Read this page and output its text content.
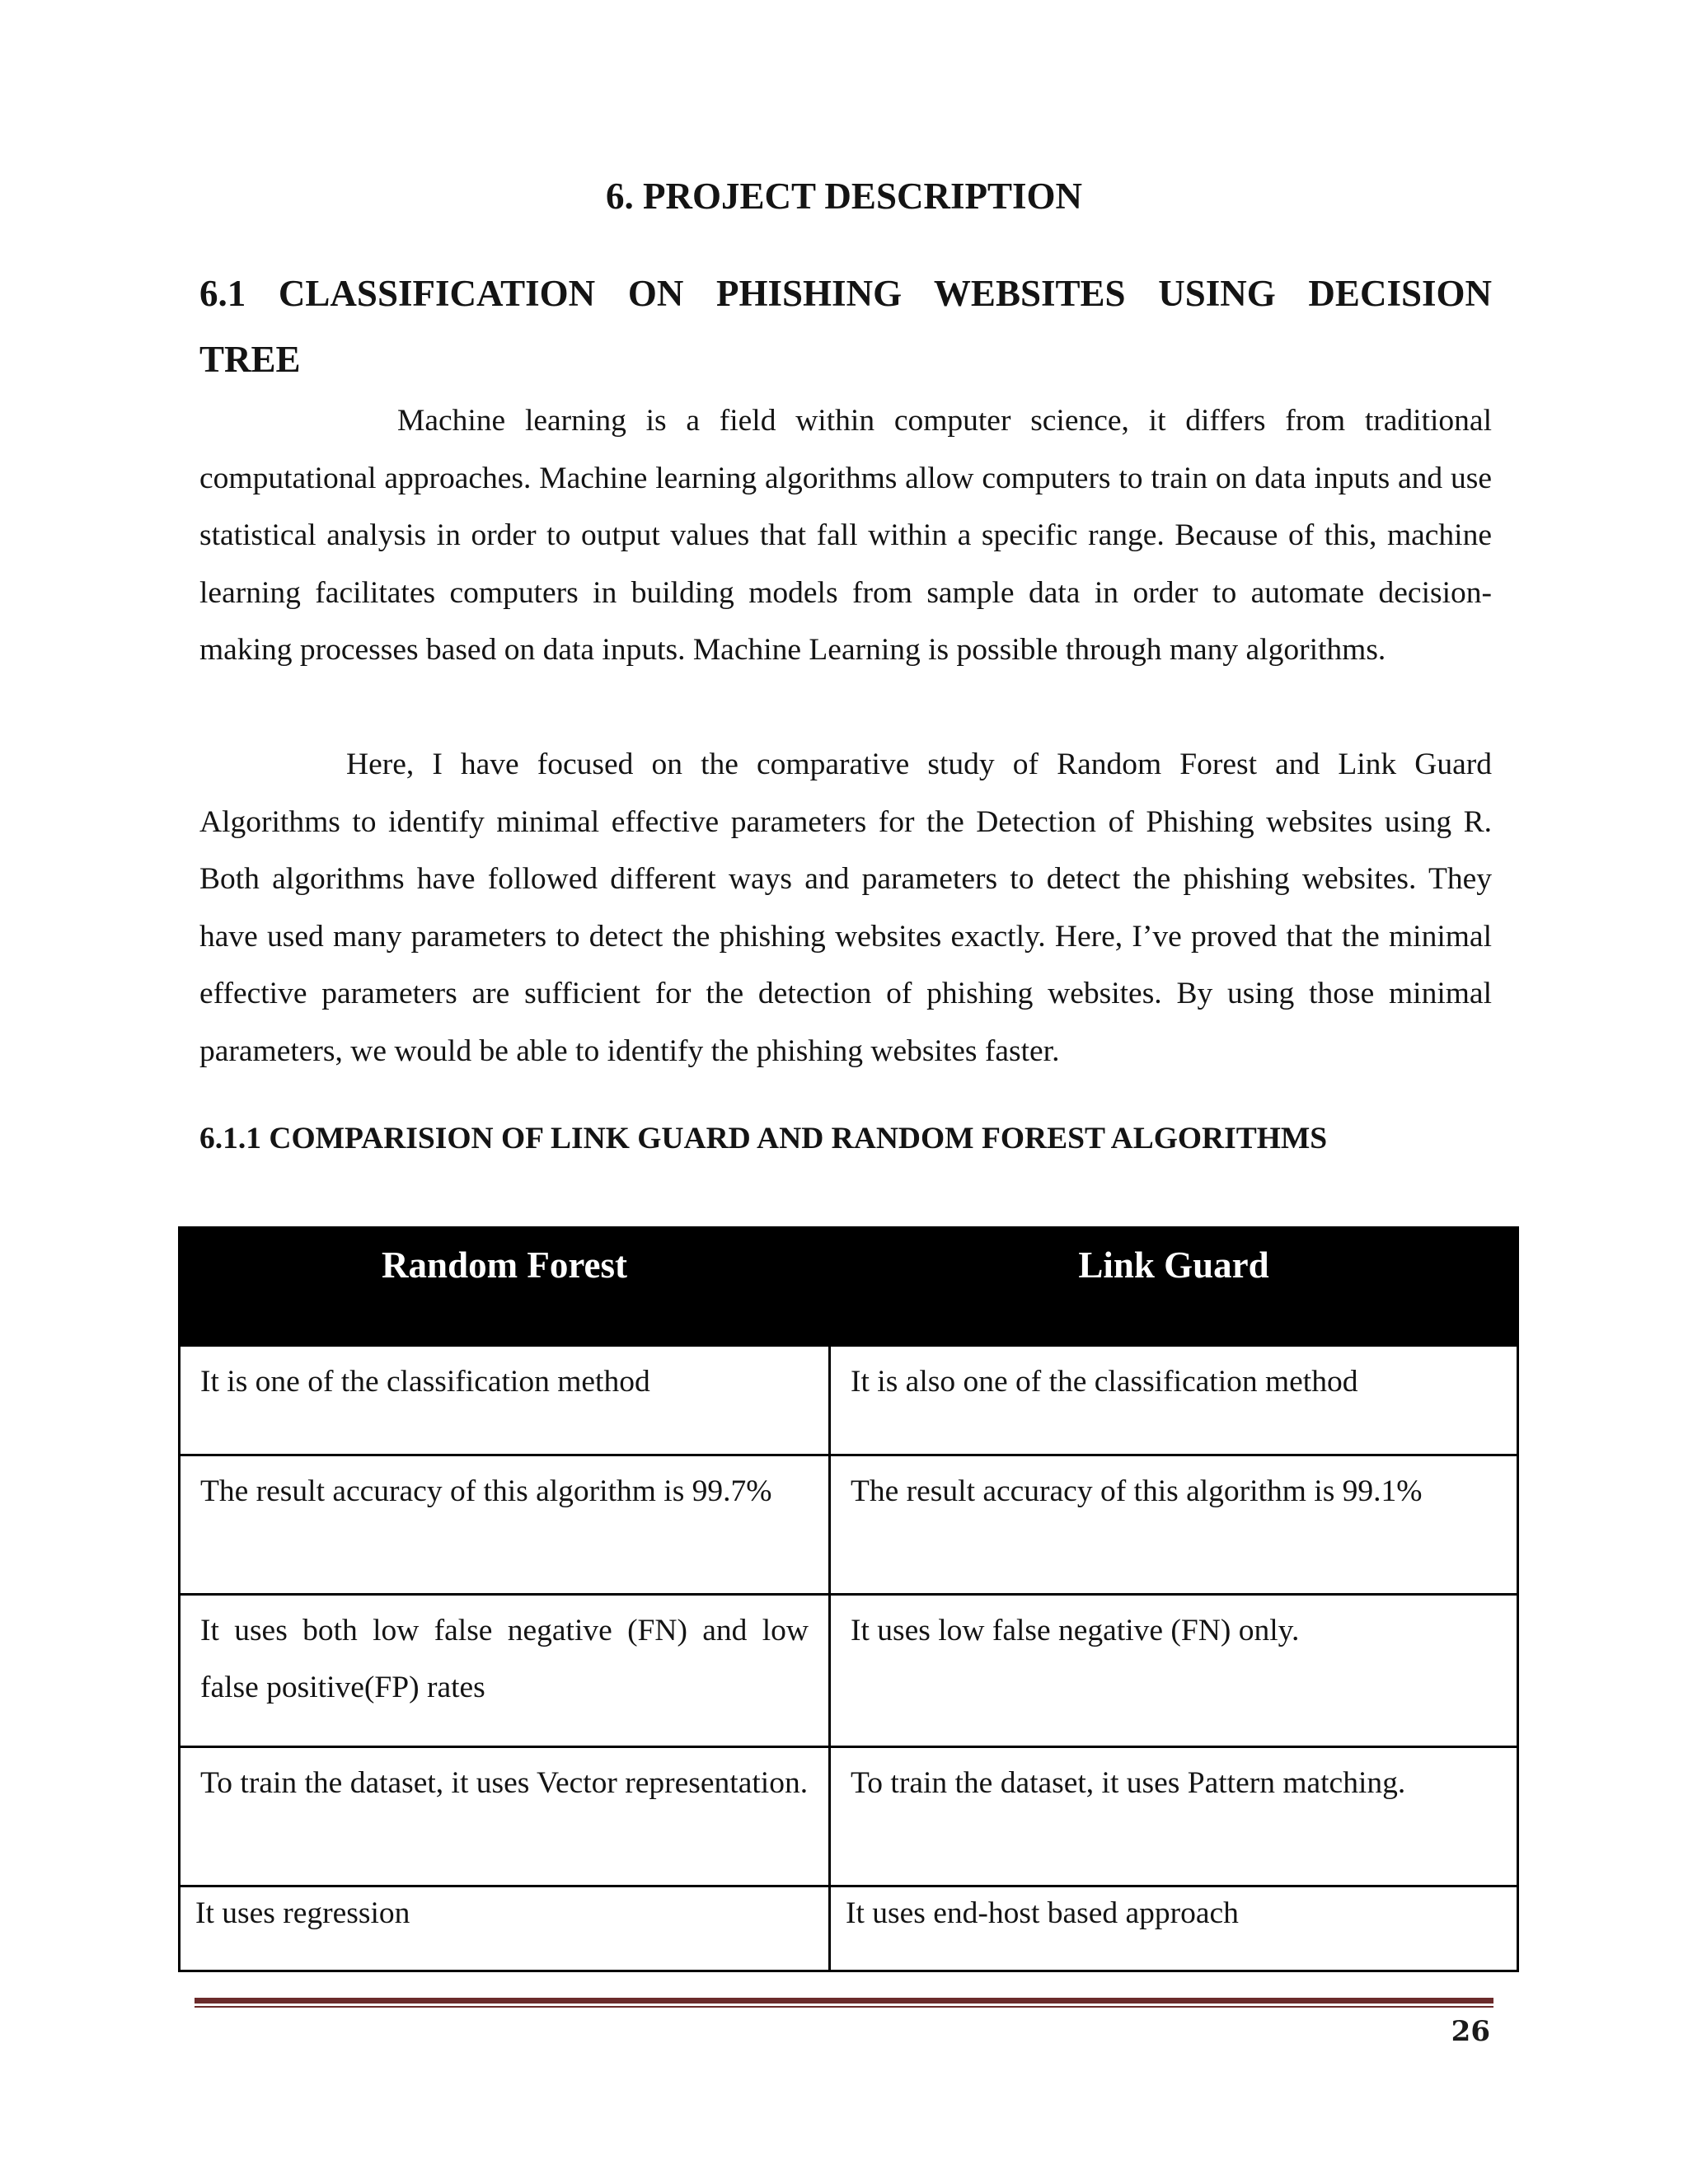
6. PROJECT DESCRIPTION
6.1 CLASSIFICATION ON PHISHING WEBSITES USING DECISION TREE

Machine learning is a field within computer science, it differs from traditional computational approaches. Machine learning algorithms allow computers to train on data inputs and use statistical analysis in order to output values that fall within a specific range. Because of this, machine learning facilitates computers in building models from sample data in order to automate decision-making processes based on data inputs. Machine Learning is possible through many algorithms.

Here, I have focused on the comparative study of Random Forest and Link Guard Algorithms to identify minimal effective parameters for the Detection of Phishing websites using R. Both algorithms have followed different ways and parameters to detect the phishing websites. They have used many parameters to detect the phishing websites exactly. Here, I’ve proved that the minimal effective parameters are sufficient for the detection of phishing websites. By using those minimal parameters, we would be able to identify the phishing websites faster.

6.1.1 COMPARISION OF LINK GUARD AND RANDOM FOREST ALGORITHMS
Random Forest	Link Guard
It is one of the classification method	It is also one of the classification method
The result accuracy of this algorithm is 99.7%	The result accuracy of this algorithm is 99.1%
It uses both low false negative (FN) and low false positive(FP) rates	It uses low false negative (FN) only.
To train the dataset, it uses Vector representation.	To train the dataset, it uses Pattern matching.

It uses regression	It uses end-host based approach
26
